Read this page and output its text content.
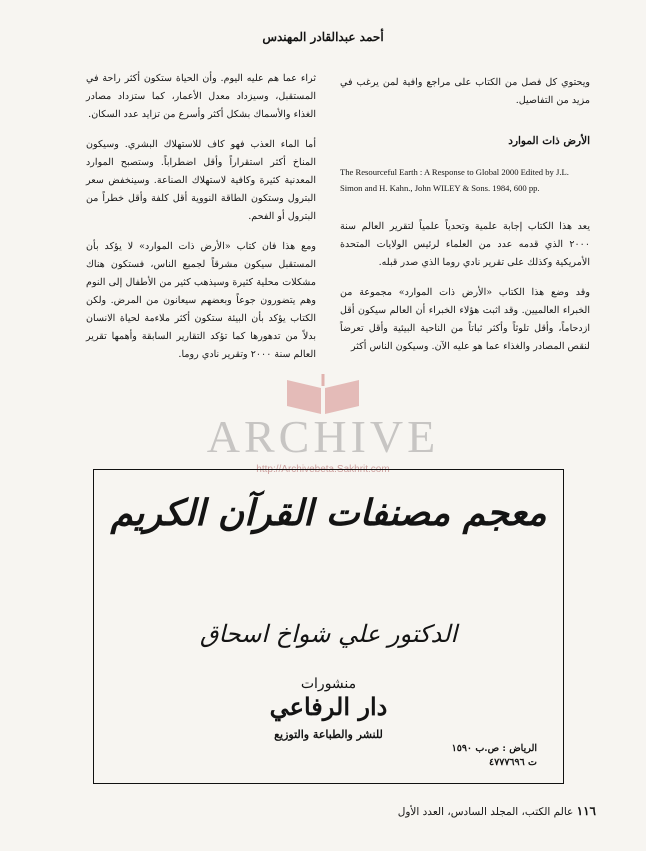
أحمد عبدالقادر المهندس

ثراء عما هم عليه اليوم. وأن الحياة ستكون أكثر راحة في المستقبل، وسيزداد معدل الأعمار، كما ستزداد مصادر الغذاء والأسماك بشكل أكثر وأسرع من تزايد عدد السكان.

أما الماء العذب فهو كاف للاستهلاك البشري. وسيكون المناخ أكثر استقراراً وأقل اضطراباً. وستصبح الموارد المعدنية كثيرة وكافية لاستهلاك الصناعة. وسينخفض سعر البترول وستكون الطاقة النووية أقل كلفة وأقل خطراً من البترول أو الفحم.

ومع هذا فان كتاب «الأرض ذات الموارد» لا يؤكد بأن المستقبل سيكون مشرقاً لجميع الناس، فستكون هناك مشكلات محلية كثيرة وسيذهب كثير من الأطفال إلى النوم وهم يتضورون جوعاً وبعضهم سيعانون من المرض. ولكن الكتاب يؤكد بأن البيئة ستكون أكثر ملاءمة لحياة الانسان بدلاً من تدهورها كما تؤكد التقارير السابقة وأهمها تقرير العالم سنة ٢٠٠٠ وتقرير نادي روما.

ويحتوي كل فصل من الكتاب على مراجع وافية لمن يرغب في مزيد من التفاصيل.

الأرض ذات الموارد

The Resourceful Earth : A Response to Global 2000 Edited by J.L. Simon and H. Kahn., John WILEY & Sons. 1984, 600 pp.

يعد هذا الكتاب إجابة علمية وتحدياً علمياً لتقرير العالم سنة ٢٠٠٠ الذي قدمه عدد من العلماء لرئيس الولايات المتحدة الأمريكية وكذلك على تقرير نادي روما الذي صدر قبله.

وقد وضع هذا الكتاب «الأرض ذات الموارد» مجموعة من الخبراء العالميين. وقد اثبت هؤلاء الخبراء أن العالم سيكون أقل ازدحاماً، وأقل تلوثاً وأكثر ثباتاً من الناحية البيئية وأقل تعرضاً لنقص المصادر والغذاء عما هو عليه الآن. وسيكون الناس أكثر

ARCHIVE
http://Archivebeta.Sakhrit.com
معجم مصنفات القرآن الكريم
الدكتور علي شواخ اسحاق
منشورات
دار الرفاعي
للنشر والطباعة والتوزيع
الرياض : ص.ب ١٥٩٠
ت ٤٧٧٧٦٩٦
١١٦ عالم الكتب، المجلد السادس، العدد الأول
